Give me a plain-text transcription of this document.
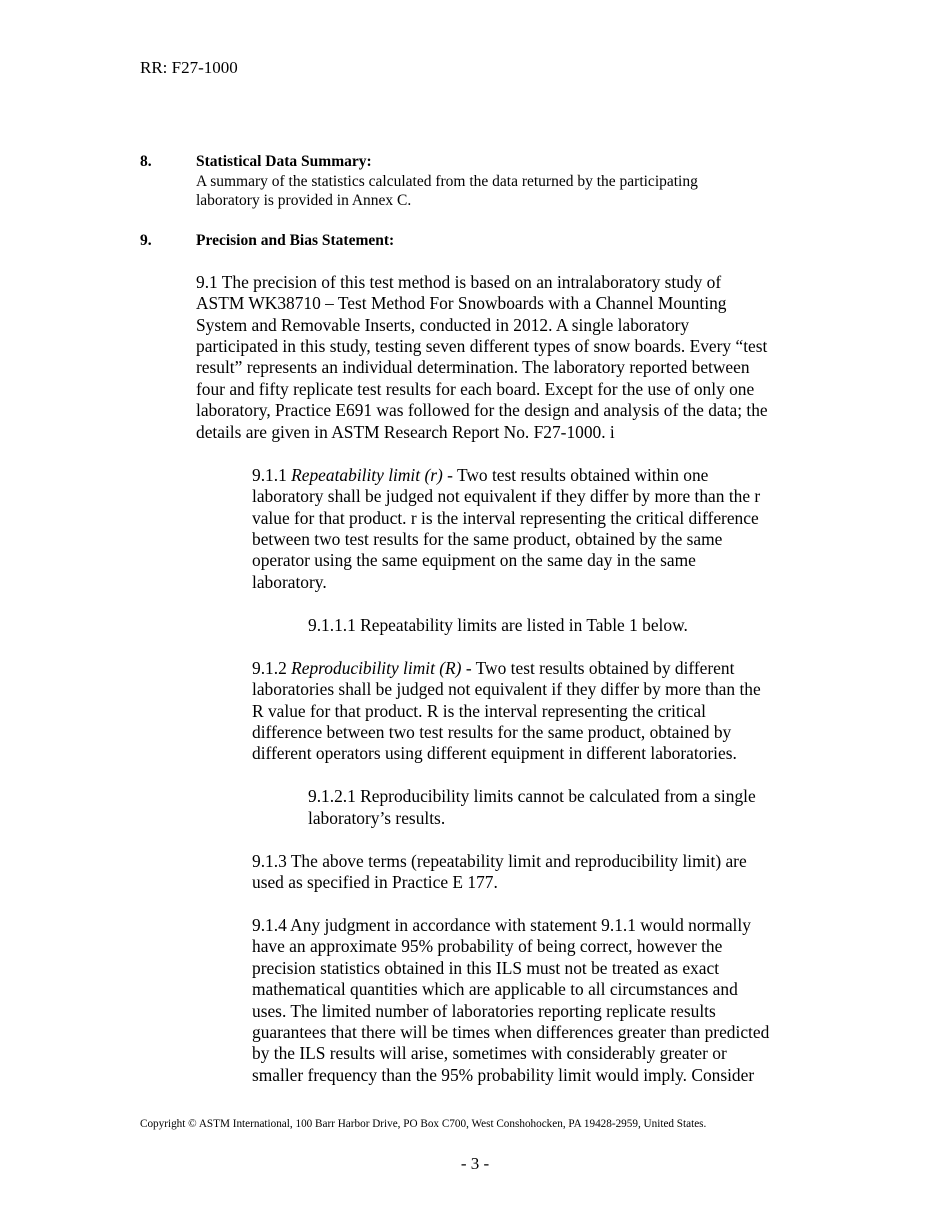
RR: F27-1000
8.	Statistical Data Summary:
A summary of the statistics calculated from the data returned by the participating
laboratory is provided in Annex C.
9.	Precision and Bias Statement:
9.1 The precision of this test method is based on an intralaboratory study of
ASTM WK38710 – Test Method For Snowboards with a Channel Mounting
System and Removable Inserts, conducted in 2012. A single laboratory
participated in this study, testing seven different types of snow boards. Every “test
result” represents an individual determination. The laboratory reported between
four and fifty replicate test results for each board. Except for the use of only one
laboratory, Practice E691 was followed for the design and analysis of the data; the
details are given in ASTM Research Report No. F27-1000. i
9.1.1 Repeatability limit (r) - Two test results obtained within one
laboratory shall be judged not equivalent if they differ by more than the r
value for that product. r is the interval representing the critical difference
between two test results for the same product, obtained by the same
operator using the same equipment on the same day in the same
laboratory.
9.1.1.1 Repeatability limits are listed in Table 1 below.
9.1.2 Reproducibility limit (R) - Two test results obtained by different
laboratories shall be judged not equivalent if they differ by more than the
R value for that product. R is the interval representing the critical
difference between two test results for the same product, obtained by
different operators using different equipment in different laboratories.
9.1.2.1 Reproducibility limits cannot be calculated from a single
laboratory’s results.
9.1.3 The above terms (repeatability limit and reproducibility limit) are
used as specified in Practice E 177.
9.1.4 Any judgment in accordance with statement 9.1.1 would normally
have an approximate 95% probability of being correct, however the
precision statistics obtained in this ILS must not be treated as exact
mathematical quantities which are applicable to all circumstances and
uses. The limited number of laboratories reporting replicate results
guarantees that there will be times when differences greater than predicted
by the ILS results will arise, sometimes with considerably greater or
smaller frequency than the 95% probability limit would imply. Consider
Copyright © ASTM International, 100 Barr Harbor Drive, PO Box C700, West Conshohocken, PA 19428-2959, United States.
- 3 -
